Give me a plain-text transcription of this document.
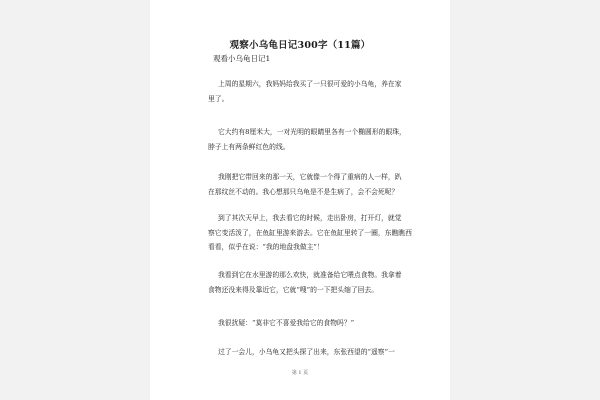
观察小乌龟日记300字（11篇）
观看小乌龟日记1

上周的星期六，我妈妈给我买了一只很可爱的小乌龟，养在家

里了。

它大约有8厘米大，一对光明的眼睛里各有一个椭圆形的眼珠，

脖子上有两条鲜红色的线。

我刚把它带回来的那一天，它就像一个得了重病的人一样，趴

在那纹丝不动的。我心想那只乌龟是不是生病了，会不会死呢？

到了其次天早上，我去看它的时候，走出卧房，打开灯，就觉

察它变活泼了，在鱼缸里游来游去。它在鱼缸里转了一圈，东瞧瞧西

看看，似乎在说：“我的地盘我做主”！

我看到它在水里游的那么欢快，就准备给它喂点食物。我拿着

食物还没来得及靠近它，它就“嗖”的一下把头缩了回去。

我很扰疑：“莫非它不喜爱我给它的食物吗？”

过了一会儿，小乌龟又把头探了出来，东张西望的“遥察”一

第 1 页
